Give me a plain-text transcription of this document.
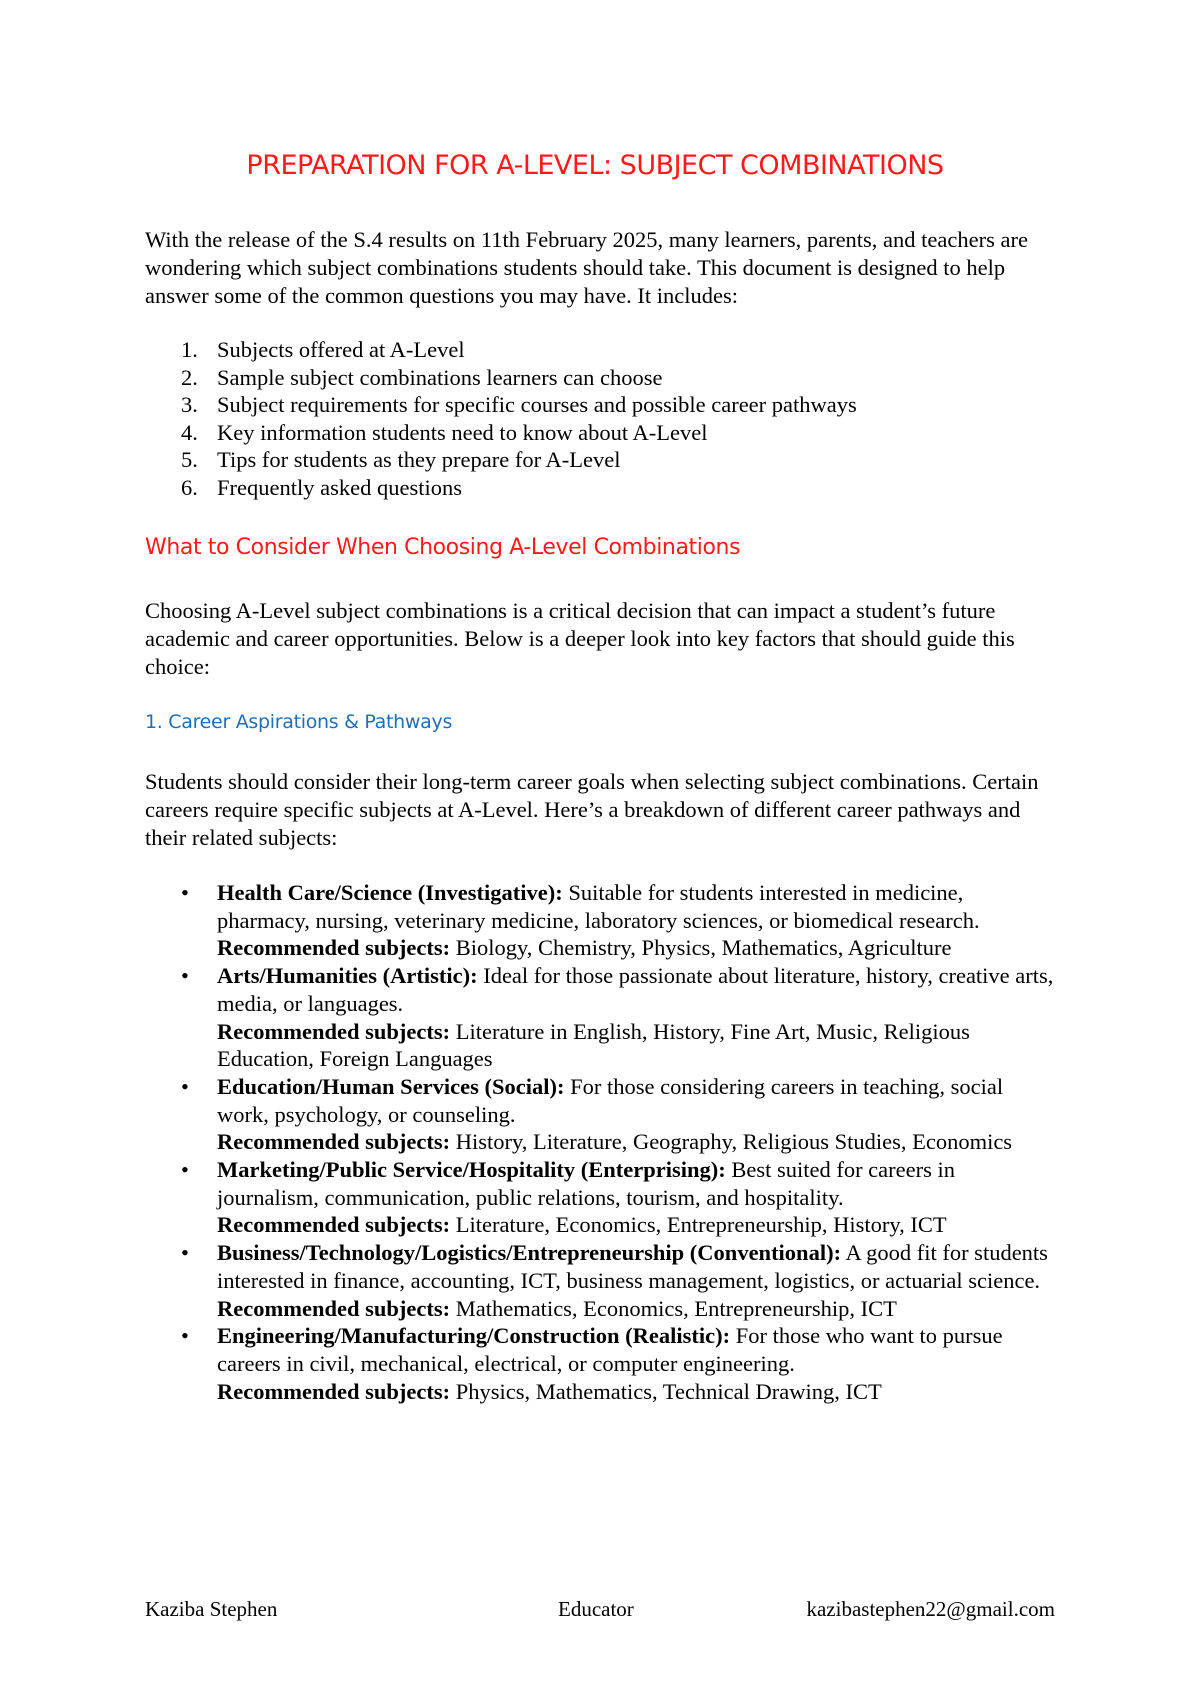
PREPARATION FOR A-LEVEL: SUBJECT COMBINATIONS
With the release of the S.4 results on 11th February 2025, many learners, parents, and teachers are wondering which subject combinations students should take. This document is designed to help answer some of the common questions you may have. It includes:
1. Subjects offered at A-Level
2. Sample subject combinations learners can choose
3. Subject requirements for specific courses and possible career pathways
4. Key information students need to know about A-Level
5. Tips for students as they prepare for A-Level
6. Frequently asked questions
What to Consider When Choosing A-Level Combinations
Choosing A-Level subject combinations is a critical decision that can impact a student’s future academic and career opportunities. Below is a deeper look into key factors that should guide this choice:
1. Career Aspirations & Pathways
Students should consider their long-term career goals when selecting subject combinations. Certain careers require specific subjects at A-Level. Here’s a breakdown of different career pathways and their related subjects:
• Health Care/Science (Investigative): Suitable for students interested in medicine, pharmacy, nursing, veterinary medicine, laboratory sciences, or biomedical research.
Recommended subjects: Biology, Chemistry, Physics, Mathematics, Agriculture
• Arts/Humanities (Artistic): Ideal for those passionate about literature, history, creative arts, media, or languages.
Recommended subjects: Literature in English, History, Fine Art, Music, Religious Education, Foreign Languages
• Education/Human Services (Social): For those considering careers in teaching, social work, psychology, or counseling.
Recommended subjects: History, Literature, Geography, Religious Studies, Economics
• Marketing/Public Service/Hospitality (Enterprising): Best suited for careers in journalism, communication, public relations, tourism, and hospitality.
Recommended subjects: Literature, Economics, Entrepreneurship, History, ICT
• Business/Technology/Logistics/Entrepreneurship (Conventional): A good fit for students interested in finance, accounting, ICT, business management, logistics, or actuarial science.
Recommended subjects: Mathematics, Economics, Entrepreneurship, ICT
• Engineering/Manufacturing/Construction (Realistic): For those who want to pursue careers in civil, mechanical, electrical, or computer engineering.
Recommended subjects: Physics, Mathematics, Technical Drawing, ICT
Kaziba Stephen	Educator	kazibastephen22@gmail.com
